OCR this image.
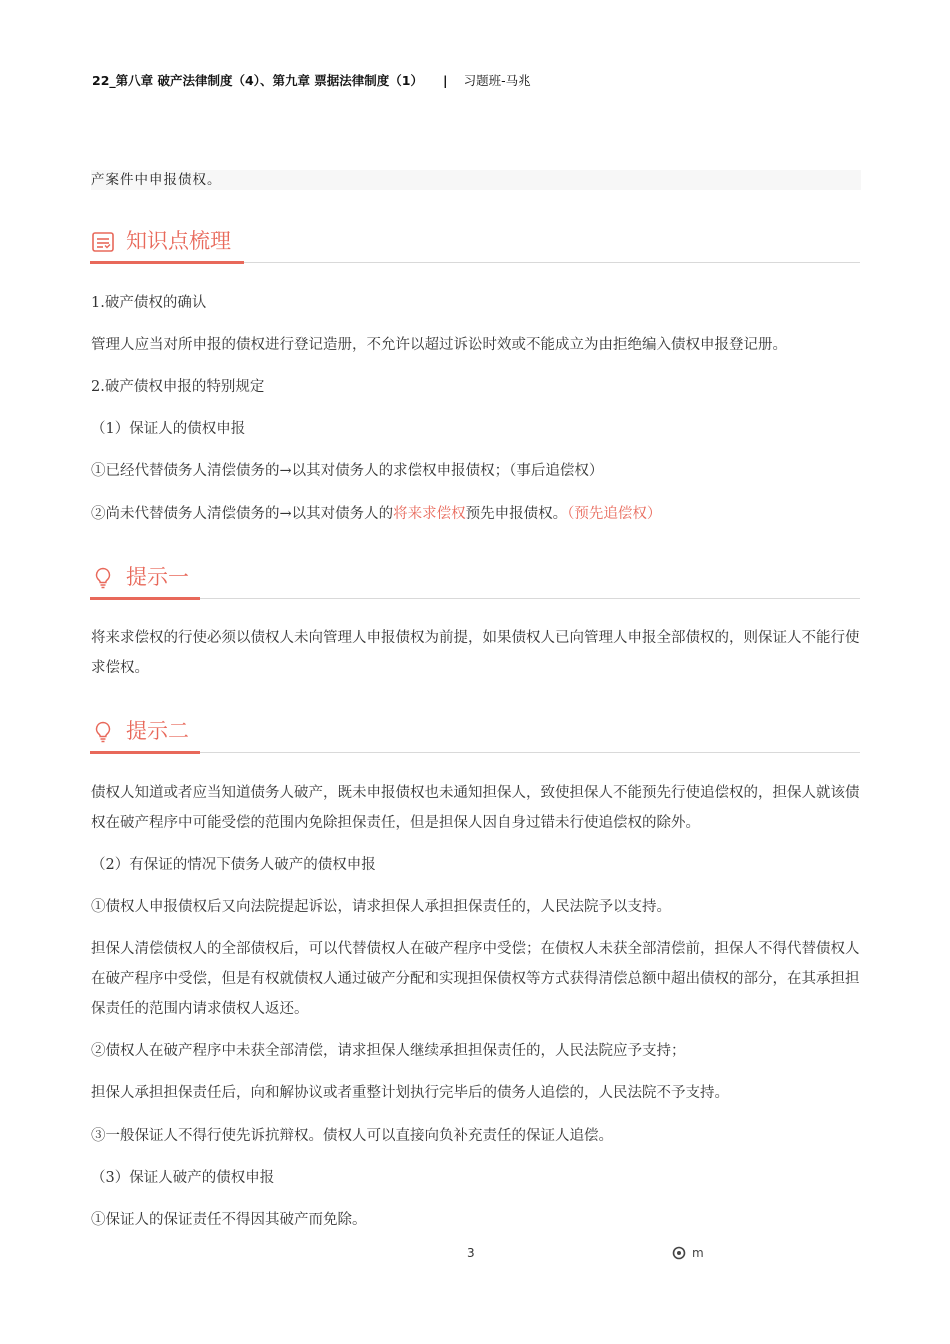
22_第八章 破产法律制度（4）、第九章 票据法律制度（1） | 习题班-马兆
产案件中申报债权。
知识点梳理

1.破产债权的确认

管理人应当对所申报的债权进行登记造册，不允许以超过诉讼时效或不能成立为由拒绝编入债权申报登记册。

2.破产债权申报的特别规定

（1）保证人的债权申报

①已经代替债务人清偿债务的→以其对债务人的求偿权申报债权；（事后追偿权）

②尚未代替债务人清偿债务的→以其对债务人的将来求偿权预先申报债权。（预先追偿权）

提示一

将来求偿权的行使必须以债权人未向管理人申报债权为前提，如果债权人已向管理人申报全部债权的，则保证人不能行使求偿权。

提示二

债权人知道或者应当知道债务人破产，既未申报债权也未通知担保人，致使担保人不能预先行使追偿权的，担保人就该债权在破产程序中可能受偿的范围内免除担保责任，但是担保人因自身过错未行使追偿权的除外。

（2）有保证的情况下债务人破产的债权申报

①债权人申报债权后又向法院提起诉讼，请求担保人承担担保责任的，人民法院予以支持。

担保人清偿债权人的全部债权后，可以代替债权人在破产程序中受偿；在债权人未获全部清偿前，担保人不得代替债权人在破产程序中受偿，但是有权就债权人通过破产分配和实现担保债权等方式获得清偿总额中超出债权的部分，在其承担担保责任的范围内请求债权人返还。

②债权人在破产程序中未获全部清偿，请求担保人继续承担担保责任的，人民法院应予支持；

担保人承担担保责任后，向和解协议或者重整计划执行完毕后的债务人追偿的，人民法院不予支持。

③一般保证人不得行使先诉抗辩权。债权人可以直接向负补充责任的保证人追偿。

（3）保证人破产的债权申报

①保证人的保证责任不得因其破产而免除。

3	m
